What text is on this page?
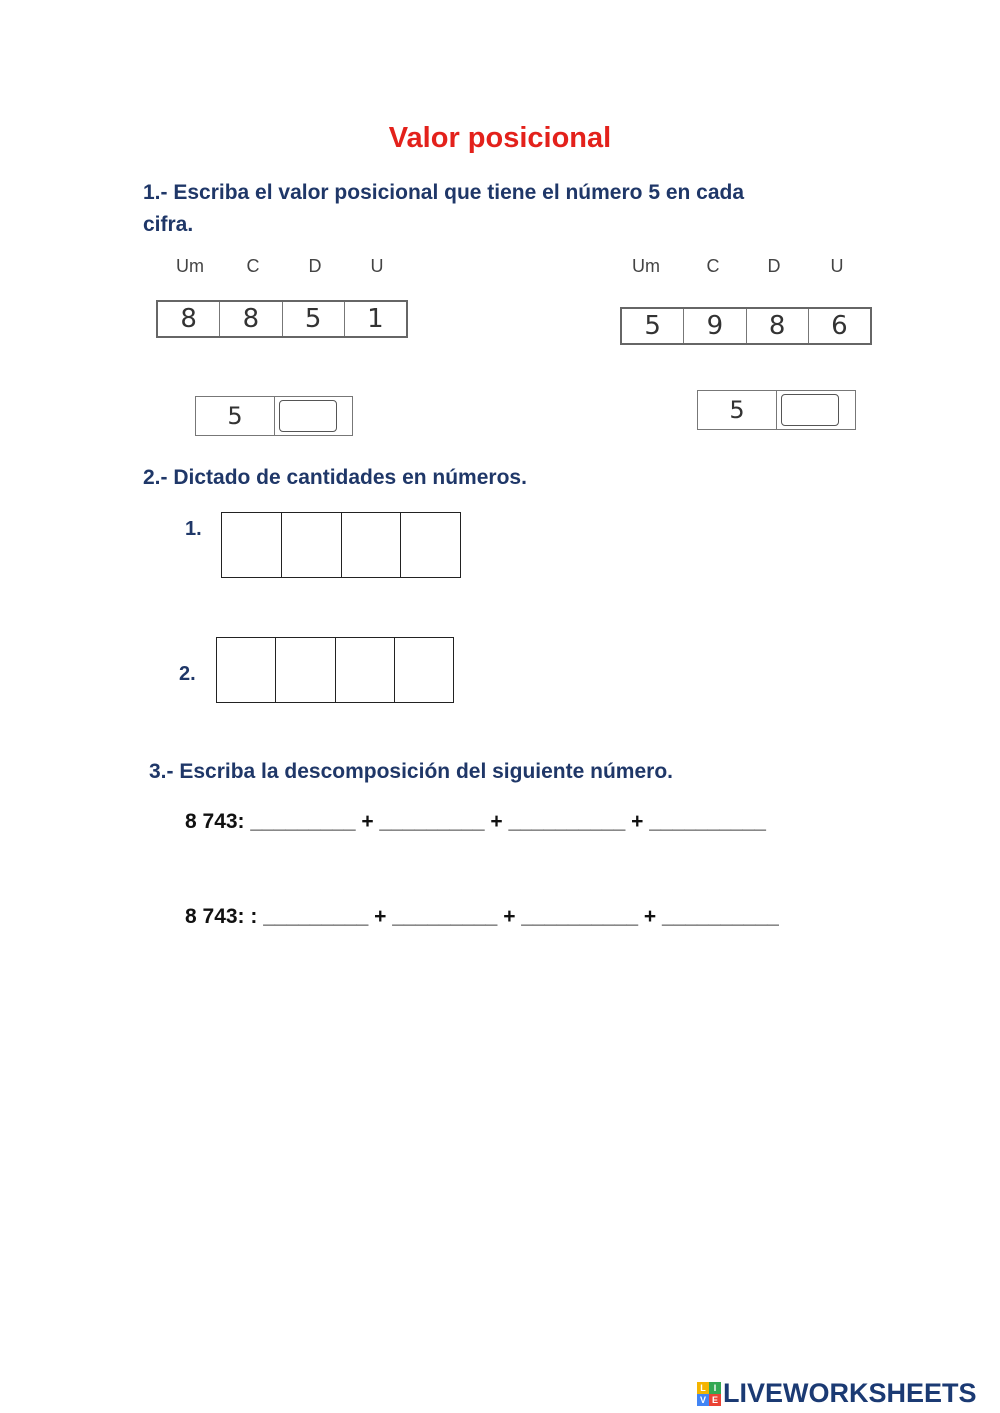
Valor posicional
1.- Escriba el valor posicional que tiene el número 5 en cada
cifra.
Um	C	D	U
8	8	5	1
5
Um	C	D	U
5	9	8	6
5
2.- Dictado de cantidades en números.
1.
2.
3.- Escriba la descomposición del siguiente número.
8 743: _________ + _________ + __________ + __________
8 743: : _________ + _________ + __________ + __________
L I
V E LIVEWORKSHEETS
